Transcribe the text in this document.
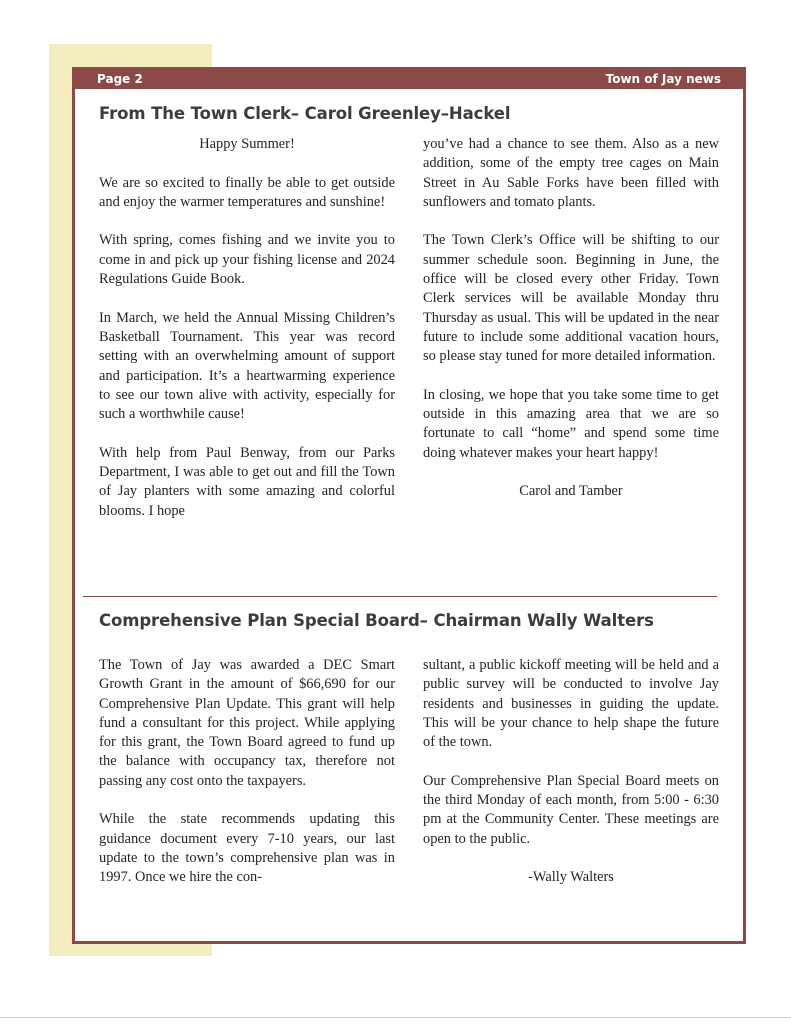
Page 2	Town of Jay news
From The Town Clerk– Carol Greenley–Hackel

Happy Summer!

We are so excited to finally be able to get outside and enjoy the warmer temperatures and sunshine!

With spring, comes fishing and we invite you to come in and pick up your fishing license and 2024 Regulations Guide Book.

In March, we held the Annual Missing Children’s Basketball Tournament. This year was record setting with an overwhelming amount of support and participation. It’s a heartwarming experience to see our town alive with activity, especially for such a worthwhile cause!

With help from Paul Benway, from our Parks Department, I was able to get out and fill the Town of Jay planters with some amazing and colorful blooms. I hope

you’ve had a chance to see them. Also as a new addition, some of the empty tree cages on Main Street in Au Sable Forks have been filled with sunflowers and tomato plants.

The Town Clerk’s Office will be shifting to our summer schedule soon. Beginning in June, the office will be closed every other Friday. Town Clerk services will be available Monday thru Thursday as usual. This will be updated in the near future to include some additional vacation hours, so please stay tuned for more detailed information.

In closing, we hope that you take some time to get outside in this amazing area that we are so fortunate to call “home” and spend some time doing whatever makes your heart happy!

Carol and Tamber

Comprehensive Plan Special Board– Chairman Wally Walters

The Town of Jay was awarded a DEC Smart Growth Grant in the amount of $66,690 for our Comprehensive Plan Update. This grant will help fund a consultant for this project. While applying for this grant, the Town Board agreed to fund up the balance with occupancy tax, therefore not passing any cost onto the taxpayers.

While the state recommends updating this guidance document every 7-10 years, our last update to the town’s comprehensive plan was in 1997. Once we hire the con-

sultant, a public kickoff meeting will be held and a public survey will be conducted to involve Jay residents and businesses in guiding the update. This will be your chance to help shape the future of the town.

Our Comprehensive Plan Special Board meets on the third Monday of each month, from 5:00 - 6:30 pm at the Community Center. These meetings are open to the public.

-Wally Walters
